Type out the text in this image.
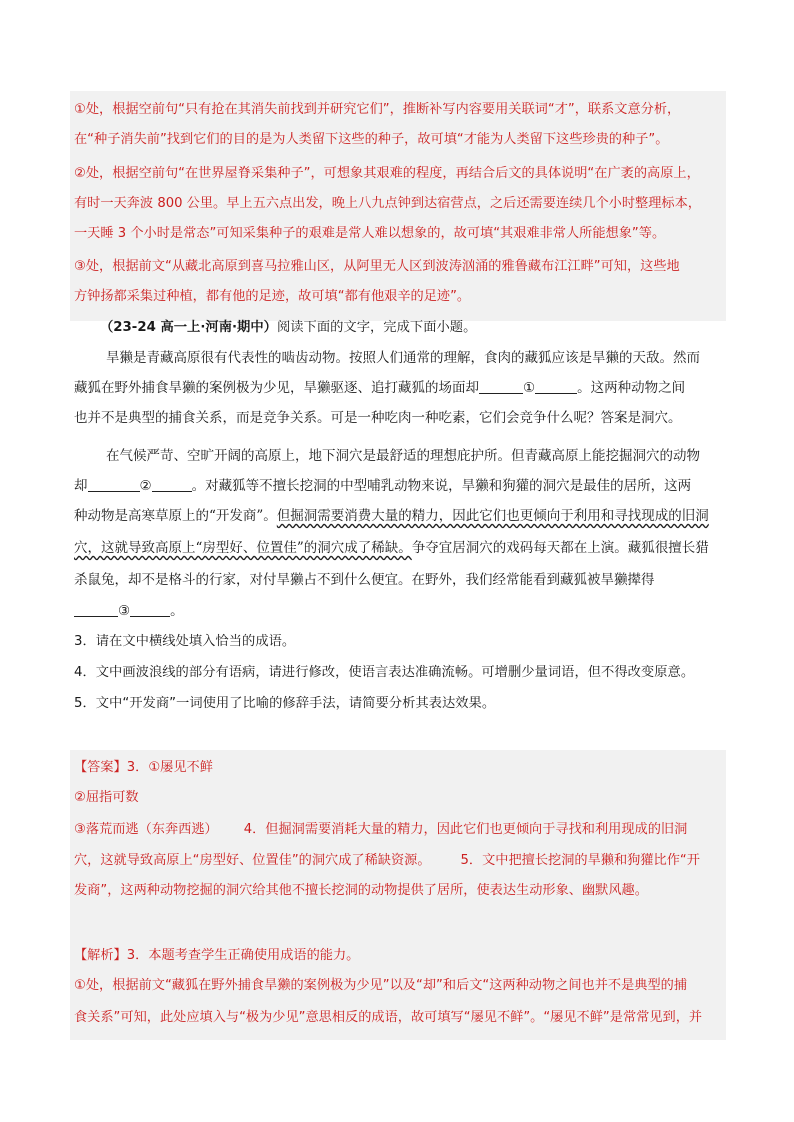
①处，根据空前句“只有抢在其消失前找到并研究它们”，推断补写内容要用关联词“才”，联系文意分析，
在“种子消失前”找到它们的目的是为人类留下这些的种子，故可填“才能为人类留下这些珍贵的种子”。
②处，根据空前句“在世界屋脊采集种子”，可想象其艰难的程度，再结合后文的具体说明“在广袤的高原上，
有时一天奔波 800 公里。早上五六点出发，晚上八九点钟到达宿营点，之后还需要连续几个小时整理标本，
一天睡 3 个小时是常态”可知采集种子的艰难是常人难以想象的，故可填“其艰难非常人所能想象”等。
③处，根据前文“从藏北高原到喜马拉雅山区，从阿里无人区到波涛汹涌的雅鲁藏布江江畔”可知，这些地
方钟扬都采集过种植，都有他的足迹，故可填“都有他艰辛的足迹”。
（23-24 高一上·河南·期中）阅读下面的文字，完成下面小题。
旱獭是青藏高原很有代表性的啮齿动物。按照人们通常的理解，食肉的藏狐应该是旱獭的天敌。然而
藏狐在野外捕食旱獭的案例极为少见，旱獭驱逐、追打藏狐的场面却	①	。这两种动物之间
也并不是典型的捕食关系，而是竞争关系。可是一种吃肉一种吃素，它们会竞争什么呢？答案是洞穴。
在气候严苛、空旷开阔的高原上，地下洞穴是最舒适的理想庇护所。但青藏高原上能挖掘洞穴的动物
却	②	。对藏狐等不擅长挖洞的中型哺乳动物来说，旱獭和狗獾的洞穴是最佳的居所，这两
种动物是高寒草原上的“开发商”。但掘洞需要消费大量的精力，因此它们也更倾向于利用和寻找现成的旧洞
穴，这就导致高原上“房型好、位置佳”的洞穴成了稀缺。争夺宜居洞穴的戏码每天都在上演。藏狐很擅长猎
杀鼠兔，却不是格斗的行家，对付旱獭占不到什么便宜。在野外，我们经常能看到藏狐被旱獭撵得
③	。
3．请在文中横线处填入恰当的成语。
4．文中画波浪线的部分有语病，请进行修改，使语言表达准确流畅。可增删少量词语，但不得改变原意。
5．文中“开发商”一词使用了比喻的修辞手法，请简要分析其表达效果。
【答案】3．①屡见不鲜
②屈指可数
③落荒而逃（东奔西逃） 4．但掘洞需要消耗大量的精力，因此它们也更倾向于寻找和利用现成的旧洞
穴，这就导致高原上“房型好、位置佳”的洞穴成了稀缺资源。 5．文中把擅长挖洞的旱獭和狗獾比作“开
发商”，这两种动物挖掘的洞穴给其他不擅长挖洞的动物提供了居所，使表达生动形象、幽默风趣。
【解析】3．本题考查学生正确使用成语的能力。
①处，根据前文“藏狐在野外捕食旱獭的案例极为少见”以及“却”和后文“这两种动物之间也并不是典型的捕
食关系”可知，此处应填入与“极为少见”意思相反的成语，故可填写“屡见不鲜”。“屡见不鲜”是常常见到，并
